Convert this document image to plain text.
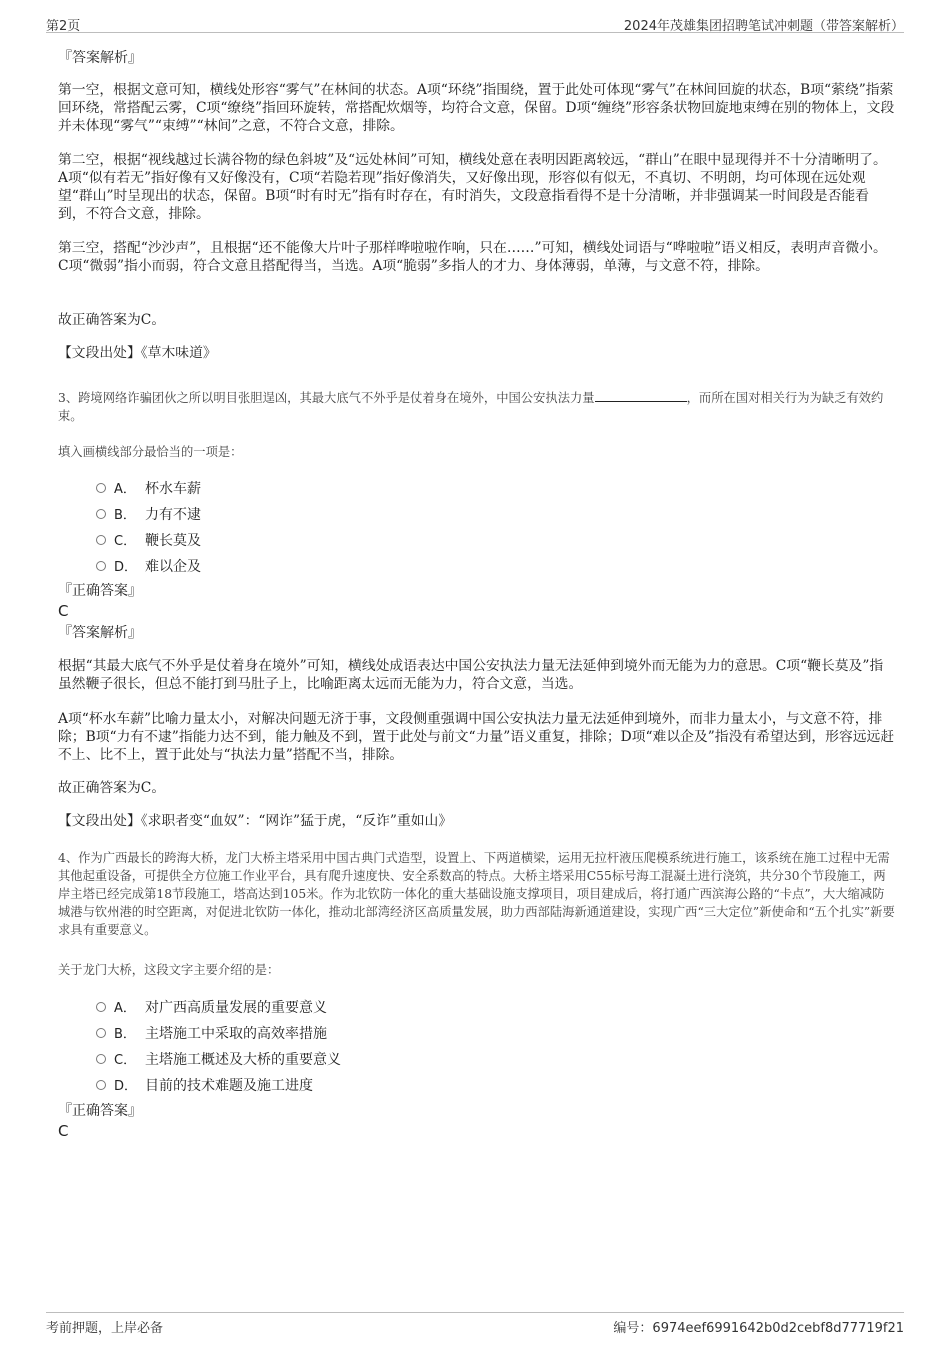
第2页	2024年茂雄集团招聘笔试冲刺题（带答案解析）
『答案解析』
第一空，根据文意可知，横线处形容“雾气”在林间的状态。A项“环绕”指围绕，置于此处可体现“雾气”在林间回旋的状态，B项“萦绕”指萦回环绕，常搭配云雾，C项“缭绕”指回环旋转，常搭配炊烟等，均符合文意，保留。D项“缠绕”形容条状物回旋地束缚在别的物体上，文段并未体现“雾气”“束缚”“林间”之意，不符合文意，排除。
第二空，根据“视线越过长满谷物的绿色斜坡”及“远处林间”可知，横线处意在表明因距离较远，“群山”在眼中显现得并不十分清晰明了。A项“似有若无”指好像有又好像没有，C项“若隐若现”指好像消失，又好像出现，形容似有似无，不真切、不明朗，均可体现在远处观望“群山”时呈现出的状态，保留。B项“时有时无”指有时存在，有时消失，文段意指看得不是十分清晰，并非强调某一时间段是否能看到，不符合文意，排除。
第三空，搭配“沙沙声”，且根据“还不能像大片叶子那样哗啦啦作响，只在……”可知，横线处词语与“哗啦啦”语义相反，表明声音微小。C项“微弱”指小而弱，符合文意且搭配得当，当选。A项“脆弱”多指人的才力、身体薄弱，单薄，与文意不符，排除。
故正确答案为C。
【文段出处】《草木味道》
3、跨境网络诈骗团伙之所以明目张胆逞凶，其最大底气不外乎是仗着身在境外，中国公安执法力量	，而所在国对相关行为为缺乏有效约束。
填入画横线部分最恰当的一项是：
A． 杯水车薪
B． 力有不逮
C． 鞭长莫及
D． 难以企及
『正确答案』
C
『答案解析』
根据“其最大底气不外乎是仗着身在境外”可知，横线处成语表达中国公安执法力量无法延伸到境外而无能为力的意思。C项“鞭长莫及”指虽然鞭子很长，但总不能打到马肚子上，比喻距离太远而无能为力，符合文意，当选。
A项“杯水车薪”比喻力量太小，对解决问题无济于事，文段侧重强调中国公安执法力量无法延伸到境外，而非力量太小，与文意不符，排除；B项“力有不逮”指能力达不到，能力触及不到，置于此处与前文“力量”语义重复，排除；D项“难以企及”指没有希望达到，形容远远赶不上、比不上，置于此处与“执法力量”搭配不当，排除。
故正确答案为C。
【文段出处】《求职者变“血奴”：“网诈”猛于虎，“反诈”重如山》
4、作为广西最长的跨海大桥，龙门大桥主塔采用中国古典门式造型，设置上、下两道横梁，运用无拉杆液压爬模系统进行施工，该系统在施工过程中无需其他起重设备，可提供全方位施工作业平台，具有爬升速度快、安全系数高的特点。大桥主塔采用C55标号海工混凝土进行浇筑，共分30个节段施工，两岸主塔已经完成第18节段施工，塔高达到105米。作为北钦防一体化的重大基础设施支撑项目，项目建成后，将打通广西滨海公路的“卡点”，大大缩减防城港与钦州港的时空距离，对促进北钦防一体化，推动北部湾经济区高质量发展，助力西部陆海新通道建设，实现广西“三大定位”新使命和“五个扎实”新要求具有重要意义。
关于龙门大桥，这段文字主要介绍的是：
A． 对广西高质量发展的重要意义
B． 主塔施工中采取的高效率措施
C． 主塔施工概述及大桥的重要意义
D． 目前的技术难题及施工进度
『正确答案』
C
考前押题，上岸必备	编号：6974eef6991642b0d2cebf8d77719f21
